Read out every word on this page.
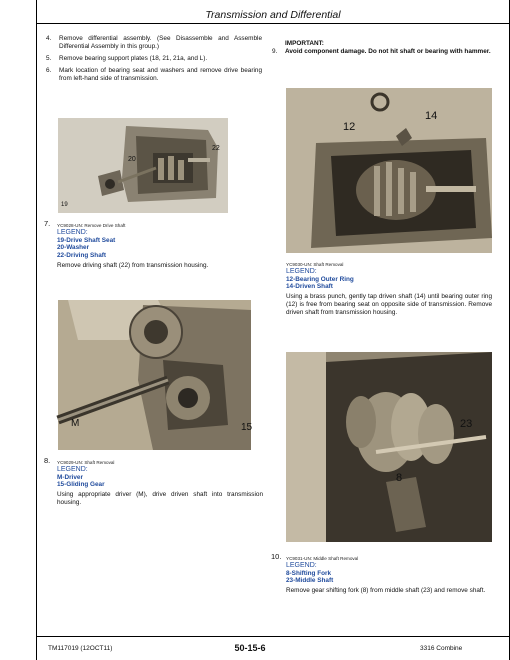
Transmission and Differential
4. Remove differential assembly. (See Disassemble and Assemble Differential Assembly in this group.)
5. Remove bearing support plates (18, 21, 21a, and L).
6. Mark location of bearing seat and washers and remove drive bearing from left-hand side of transmission.
9.
IMPORTANT:
Avoid component damage. Do not hit shaft or bearing with hammer.
20
22
19
7. YC9028-UN: Remove Drive Shaft
LEGEND:
19-Drive Shaft Seat
20-Washer
22-Driving Shaft
Remove driving shaft (22) from transmission housing.
M	15
8. YC9029-UN: Shaft Removal
LEGEND:
M-Driver
15-Gliding Gear
Using appropriate driver (M), drive driven shaft into transmission housing.
12
14
YC9030-UN: Shaft Removal
LEGEND:
12-Bearing Outer Ring
14-Driven Shaft
Using a brass punch, gently tap driven shaft (14) until bearing outer ring (12) is free from bearing seat on opposite side of transmission. Remove driven shaft from transmission housing.
23
8
10. YC9031-UN: Middle Shaft Removal
LEGEND:
8-Shifting Fork
23-Middle Shaft
Remove gear shifting fork (8) from middle shaft (23) and remove shaft.
TM117019 (12OCT11)	50-15-6	3316 Combine
